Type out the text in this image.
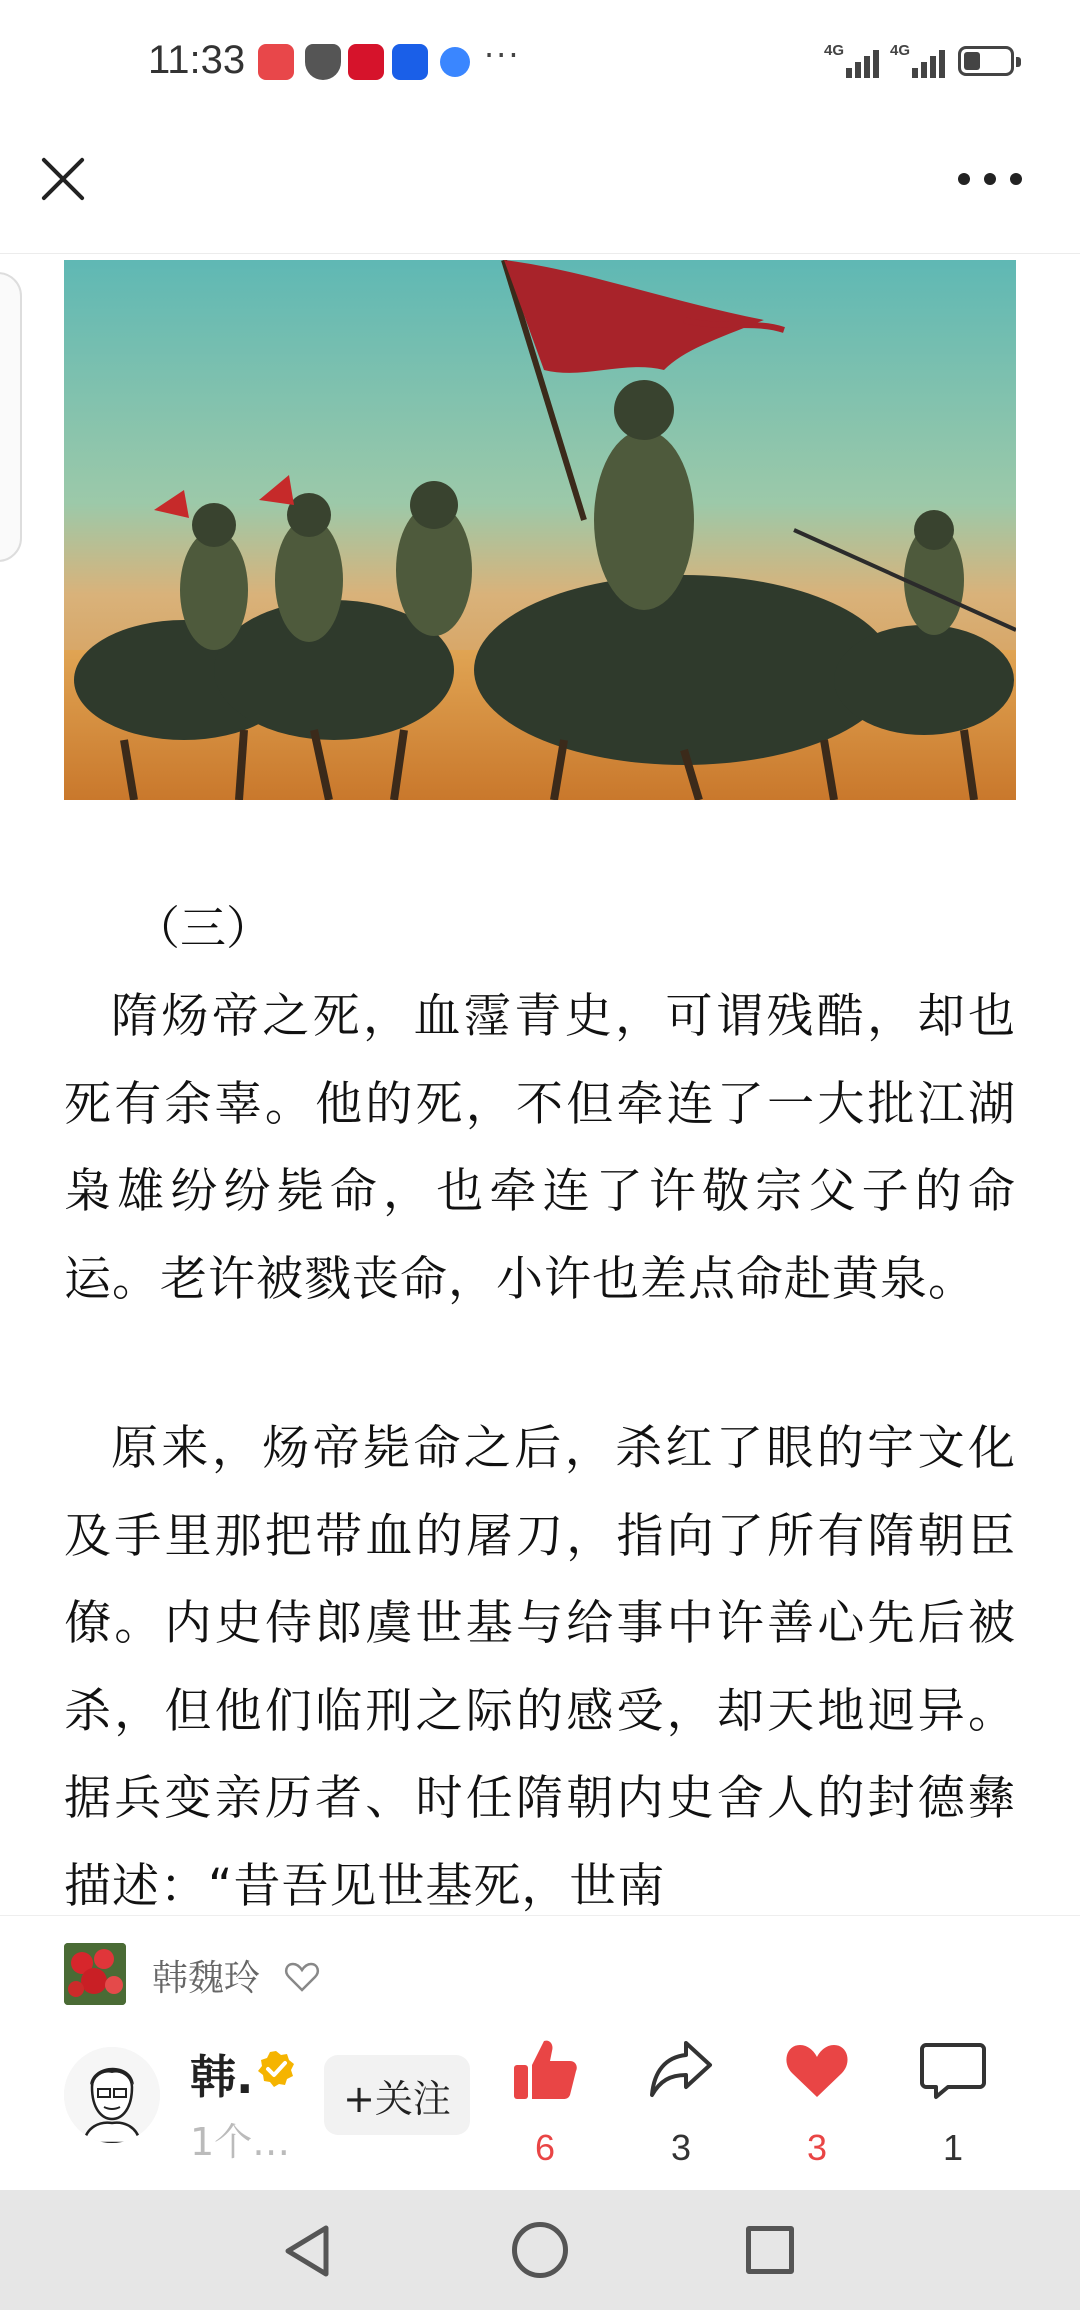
11:33	···	4G	4G
（三）

隋炀帝之死，血霪青史，可谓残酷，却也死有余辜。他的死，不但牵连了一大批江湖枭雄纷纷毙命，也牵连了许敬宗父子的命运。老许被戮丧命，小许也差点命赴黄泉。

原来，炀帝毙命之后，杀红了眼的宇文化及手里那把带血的屠刀，指向了所有隋朝臣僚。内史侍郎虞世基与给事中许善心先后被杀，但他们临刑之际的感受，却天地迥异。据兵变亲历者、时任隋朝内史舍人的封德彝描述：“昔吾见世基死，世南

韩魏玲
韩.
1个…
+关注
6	3	3	1
